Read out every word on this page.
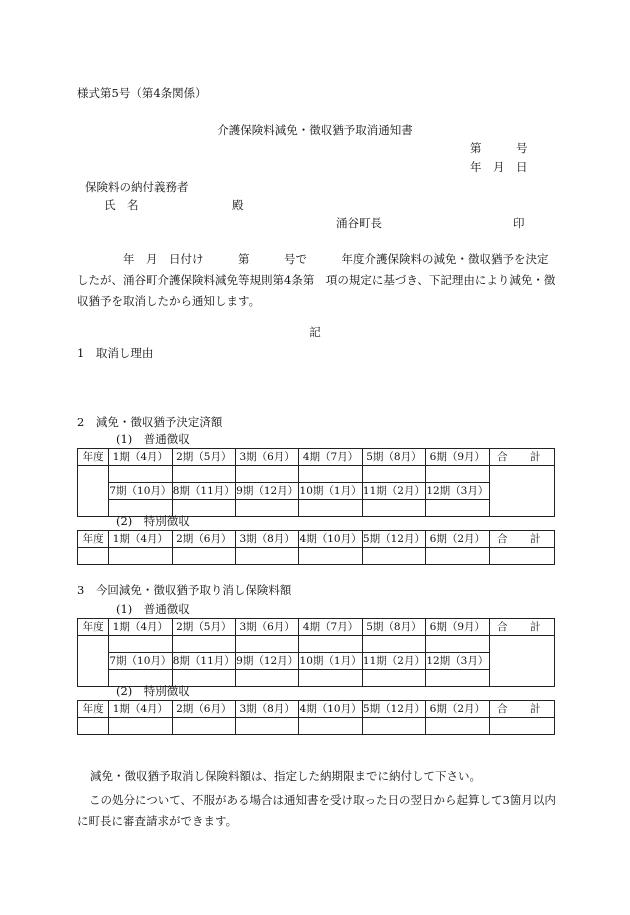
様式第5号（第4条関係）
介護保険料減免・徴収猶予取消通知書
第　　　号
年　月　日
保険料の納付義務者
氏　名	殿
涌谷町長	印
　　　　年　月　日付け　　　第　　　号で　　　年度介護保険料の減免・徴収猶予を決定したが、涌谷町介護保険料減免等規則第4条第　項の規定に基づき、下記理由により減免・徴収猶予を取消したから通知します。
記
1　取消し理由
2　減免・徴収猶予決定済額
(1)　普通徴収
年度	1期（4月）	2期（5月）	3期（6月）	4期（7月）	5期（8月）	6期（9月）	合　計

	7期（10月）	8期（11月）	9期（12月）	10期（1月）	11期（2月）	12期（3月）	

(2)　特別徴収
年度	1期（4月）	2期（6月）	3期（8月）	4期（10月）	5期（12月）	6期（2月）	合　計

3　今回減免・徴収猶予取り消し保険料額
(1)　普通徴収
年度	1期（4月）	2期（5月）	3期（6月）	4期（7月）	5期（8月）	6期（9月）	合　計

	7期（10月）	8期（11月）	9期（12月）	10期（1月）	11期（2月）	12期（3月）	

(2)　特別徴収
年度	1期（4月）	2期（6月）	3期（8月）	4期（10月）	5期（12月）	6期（2月）	合　計

減免・徴収猶予取消し保険料額は、指定した納期限までに納付して下さい。
この処分について、不服がある場合は通知書を受け取った日の翌日から起算して3箇月以内に町長に審査請求ができます。
